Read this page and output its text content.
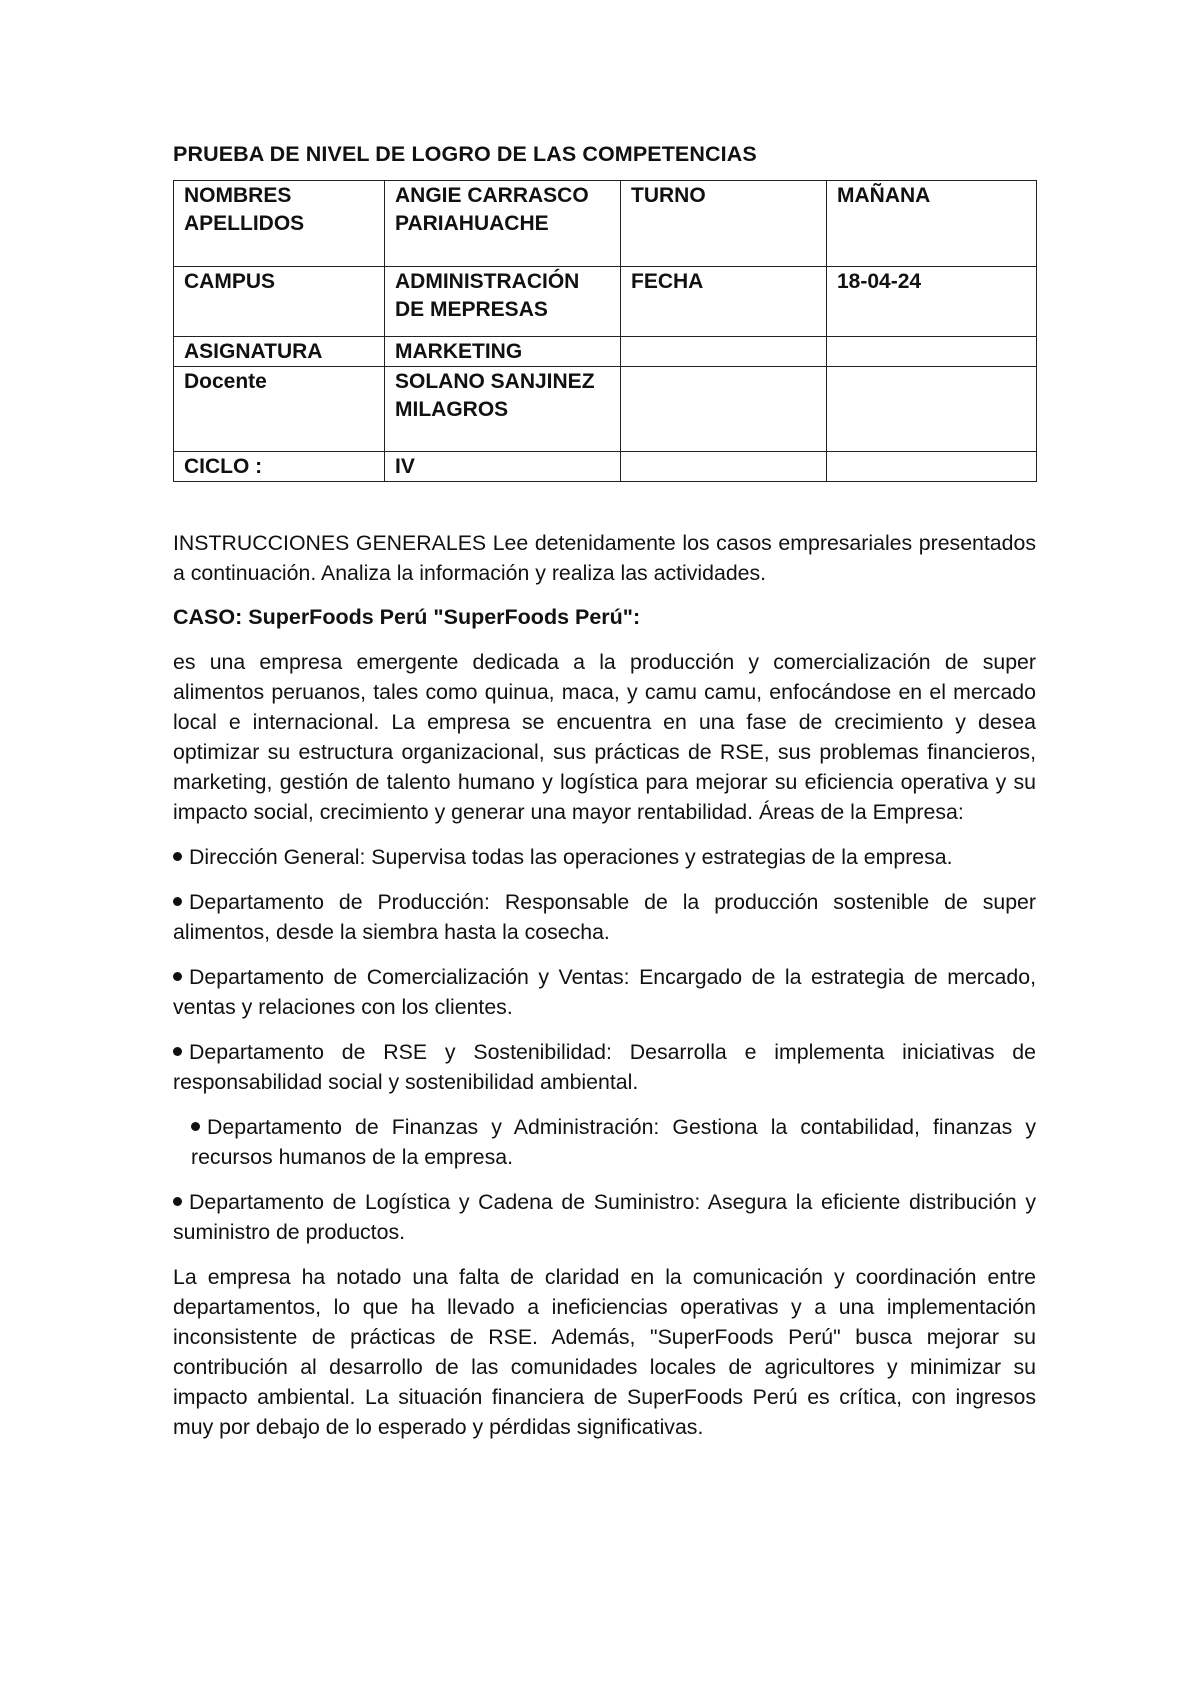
PRUEBA DE NIVEL DE LOGRO DE LAS COMPETENCIAS
NOMBRES APELLIDOS	ANGIE CARRASCO PARIAHUACHE	TURNO	MAÑANA
CAMPUS	ADMINISTRACIÓN DE MEPRESAS	FECHA	18-04-24
ASIGNATURA	MARKETING		
Docente	SOLANO SANJINEZ MILAGROS		
CICLO :	IV		

INSTRUCCIONES GENERALES Lee detenidamente los casos empresariales presentados a continuación. Analiza la información y realiza las actividades.

CASO: SuperFoods Perú "SuperFoods Perú":

es una empresa emergente dedicada a la producción y comercialización de super alimentos peruanos, tales como quinua, maca, y camu camu, enfocándose en el mercado local e internacional. La empresa se encuentra en una fase de crecimiento y desea optimizar su estructura organizacional, sus prácticas de RSE, sus problemas financieros, marketing, gestión de talento humano y logística para mejorar su eficiencia operativa y su impacto social, crecimiento y generar una mayor rentabilidad. Áreas de la Empresa:

Dirección General: Supervisa todas las operaciones y estrategias de la empresa.

Departamento de Producción: Responsable de la producción sostenible de super alimentos, desde la siembra hasta la cosecha.

Departamento de Comercialización y Ventas: Encargado de la estrategia de mercado, ventas y relaciones con los clientes.

Departamento de RSE y Sostenibilidad: Desarrolla e implementa iniciativas de responsabilidad social y sostenibilidad ambiental.

Departamento de Finanzas y Administración: Gestiona la contabilidad, finanzas y recursos humanos de la empresa.

Departamento de Logística y Cadena de Suministro: Asegura la eficiente distribución y suministro de productos.

La empresa ha notado una falta de claridad en la comunicación y coordinación entre departamentos, lo que ha llevado a ineficiencias operativas y a una implementación inconsistente de prácticas de RSE. Además, "SuperFoods Perú" busca mejorar su contribución al desarrollo de las comunidades locales de agricultores y minimizar su impacto ambiental. La situación financiera de SuperFoods Perú es crítica, con ingresos muy por debajo de lo esperado y pérdidas significativas.
